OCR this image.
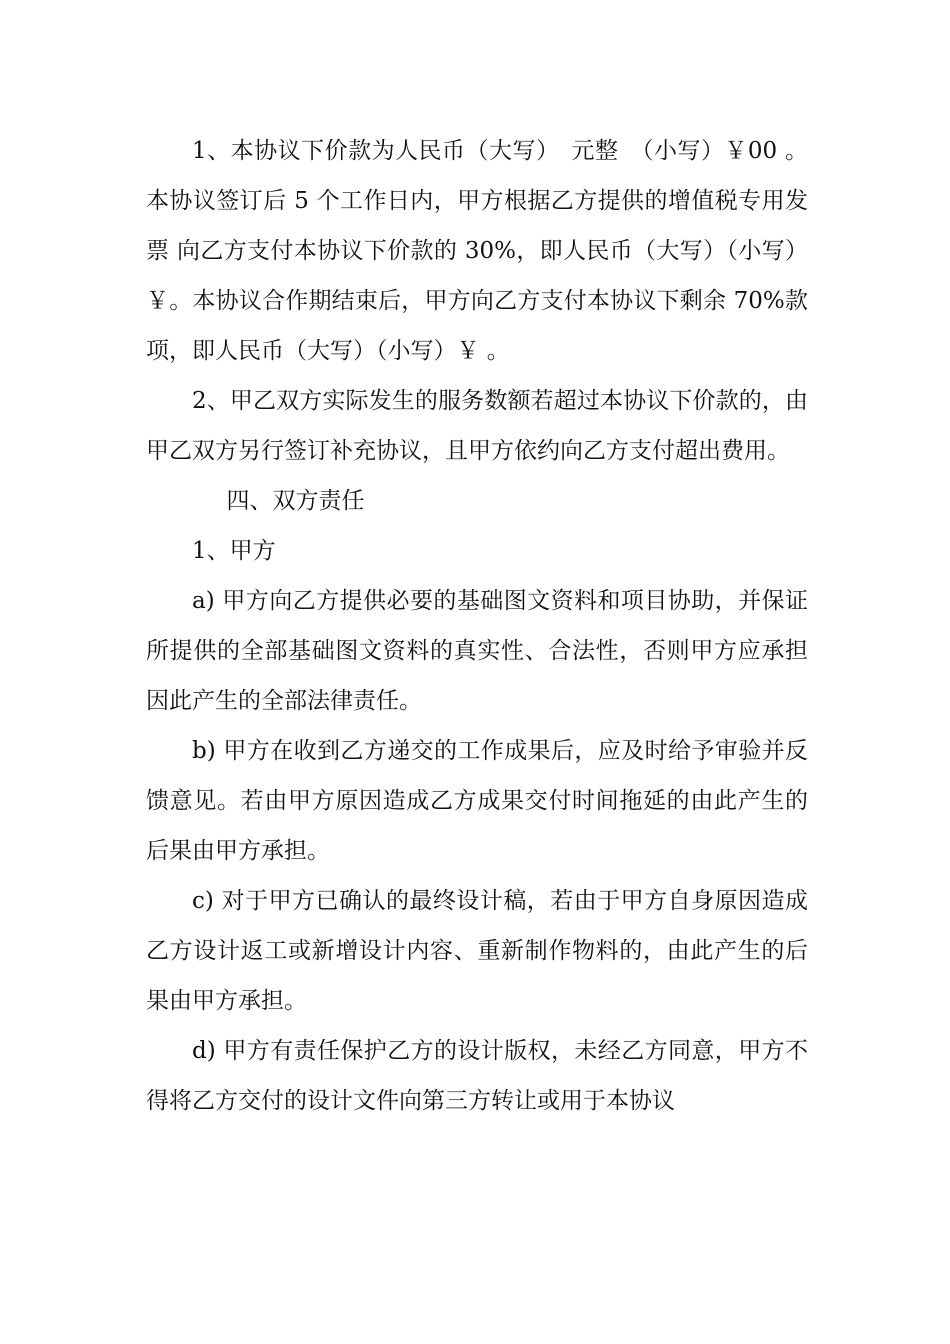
1、本协议下价款为人民币（大写）　元整　（小写）￥00 。本协议签订后 5 个工作日内，甲方根据乙方提供的增值税专用发票 向乙方支付本协议下价款的 30%，即人民币（大写）（小写）￥。本协议合作期结束后，甲方向乙方支付本协议下剩余 70%款项，即人民币（大写）（小写）￥ 。

2、甲乙双方实际发生的服务数额若超过本协议下价款的，由甲乙双方另行签订补充协议，且甲方依约向乙方支付超出费用。

四、双方责任

1、甲方

a) 甲方向乙方提供必要的基础图文资料和项目协助，并保证所提供的全部基础图文资料的真实性、合法性，否则甲方应承担因此产生的全部法律责任。

b) 甲方在收到乙方递交的工作成果后，应及时给予审验并反馈意见。若由甲方原因造成乙方成果交付时间拖延的由此产生的后果由甲方承担。

c) 对于甲方已确认的最终设计稿，若由于甲方自身原因造成乙方设计返工或新增设计内容、重新制作物料的，由此产生的后果由甲方承担。

d) 甲方有责任保护乙方的设计版权，未经乙方同意，甲方不得将乙方交付的设计文件向第三方转让或用于本协议
